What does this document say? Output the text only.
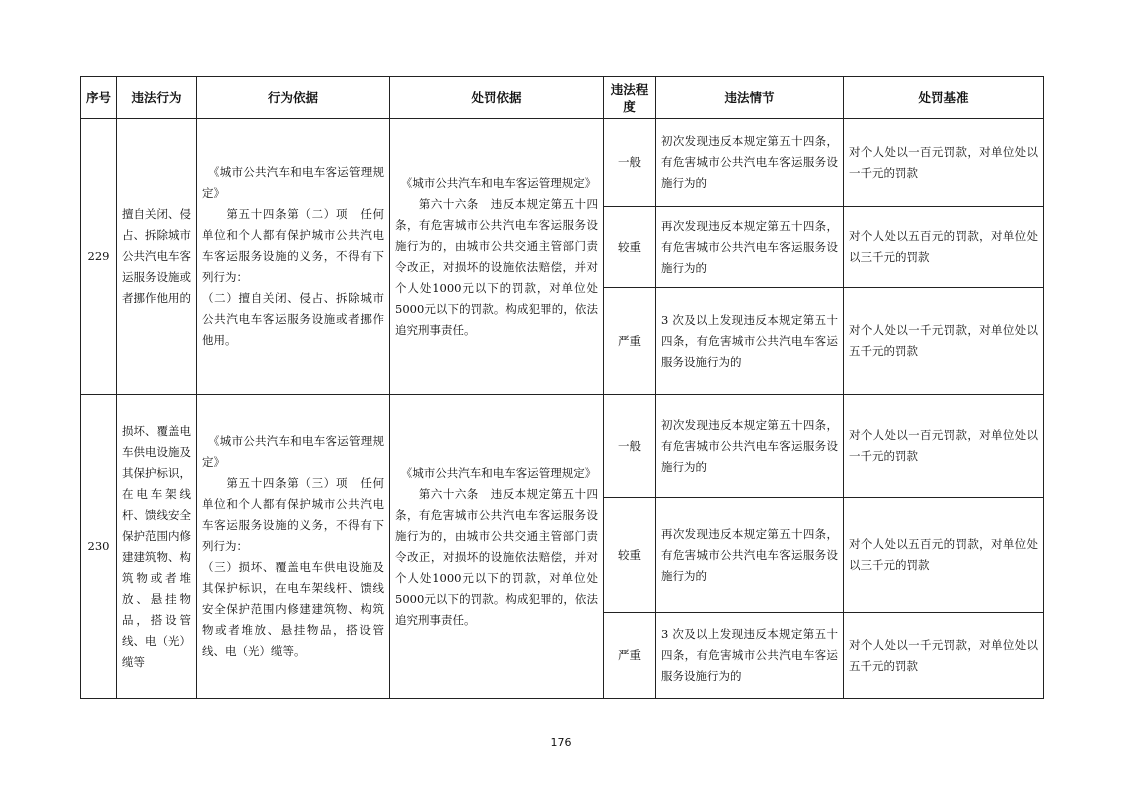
序号	违法行为	行为依据	处罚依据	违法程度	违法情节	处罚基准
229	擅自关闭、侵占、拆除城市公共汽电车客运服务设施或者挪作他用的	　《城市公共汽车和电车客运管理规定》
　　第五十四条第（二）项　任何单位和个人都有保护城市公共汽电车客运服务设施的义务，不得有下列行为：
（二）擅自关闭、侵占、拆除城市公共汽电车客运服务设施或者挪作他用。	　《城市公共汽车和电车客运管理规定》
　　第六十六条　违反本规定第五十四条，有危害城市公共汽电车客运服务设施行为的，由城市公共交通主管部门责令改正，对损坏的设施依法赔偿，并对个人处1000元以下的罚款，对单位处5000元以下的罚款。构成犯罪的，依法追究刑事责任。	一般	初次发现违反本规定第五十四条，有危害城市公共汽电车客运服务设施行为的	对个人处以一百元罚款，对单位处以一千元的罚款
				较重	再次发现违反本规定第五十四条，有危害城市公共汽电车客运服务设施行为的	对个人处以五百元的罚款，对单位处以三千元的罚款
				严重	3 次及以上发现违反本规定第五十四条，有危害城市公共汽电车客运服务设施行为的	对个人处以一千元罚款，对单位处以五千元的罚款
230	损坏、覆盖电车供电设施及其保护标识，在电车架线杆、馈线安全保护范围内修建建筑物、构筑物或者堆放、悬挂物品，搭设管线、电（光）缆等	　《城市公共汽车和电车客运管理规定》
　　第五十四条第（三）项　任何单位和个人都有保护城市公共汽电车客运服务设施的义务，不得有下列行为：
（三）损坏、覆盖电车供电设施及其保护标识，在电车架线杆、馈线安全保护范围内修建建筑物、构筑物或者堆放、悬挂物品，搭设管线、电（光）缆等。	　《城市公共汽车和电车客运管理规定》
　　第六十六条　违反本规定第五十四条，有危害城市公共汽电车客运服务设施行为的，由城市公共交通主管部门责令改正，对损坏的设施依法赔偿，并对个人处1000元以下的罚款，对单位处5000元以下的罚款。构成犯罪的，依法追究刑事责任。	一般	初次发现违反本规定第五十四条，有危害城市公共汽电车客运服务设施行为的	对个人处以一百元罚款，对单位处以一千元的罚款
				较重	再次发现违反本规定第五十四条，有危害城市公共汽电车客运服务设施行为的	对个人处以五百元的罚款，对单位处以三千元的罚款
				严重	3 次及以上发现违反本规定第五十四条，有危害城市公共汽电车客运服务设施行为的	对个人处以一千元罚款，对单位处以五千元的罚款
176
